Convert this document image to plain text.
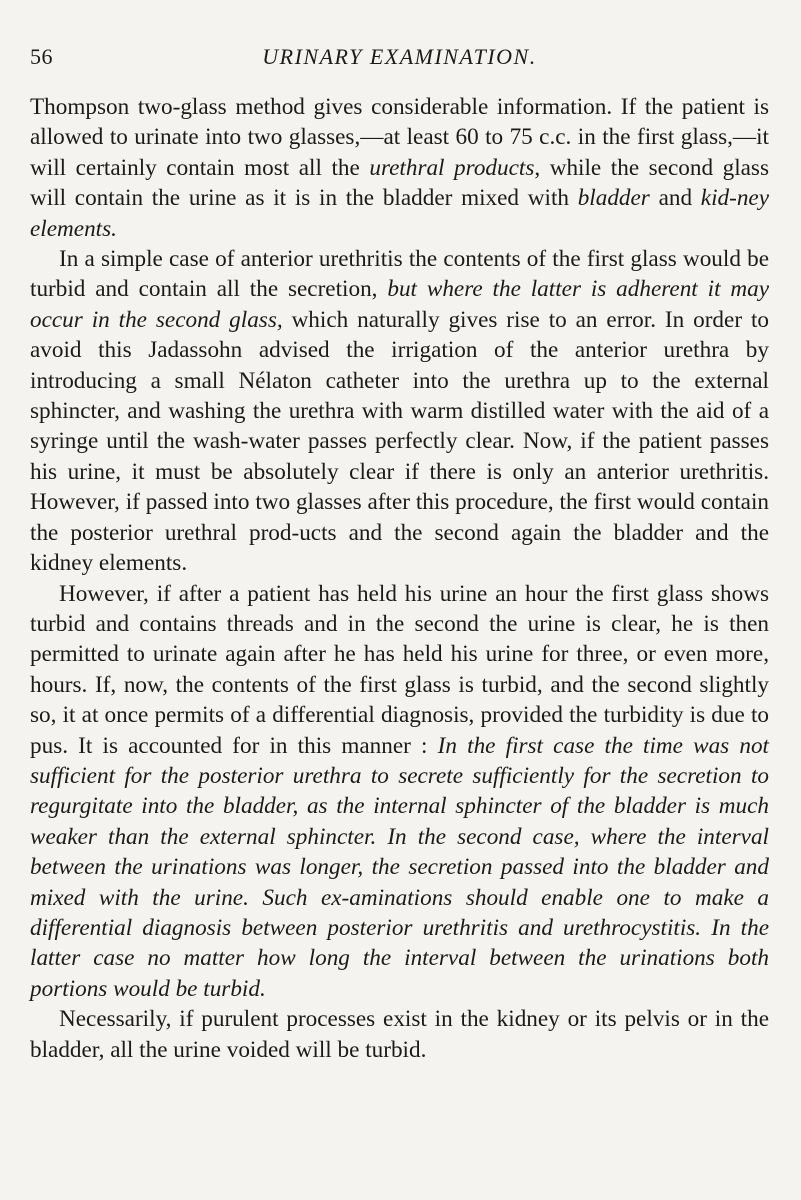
56	URINARY EXAMINATION.

Thompson two-glass method gives considerable information. If the patient is allowed to urinate into two glasses,—at least 60 to 75 c.c. in the first glass,—it will certainly contain most all the urethral products, while the second glass will contain the urine as it is in the bladder mixed with bladder and kid-ney elements.

In a simple case of anterior urethritis the contents of the first glass would be turbid and contain all the secretion, but where the latter is adherent it may occur in the second glass, which naturally gives rise to an error. In order to avoid this Jadassohn advised the irrigation of the anterior urethra by introducing a small Nélaton catheter into the urethra up to the external sphincter, and washing the urethra with warm distilled water with the aid of a syringe until the wash-water passes perfectly clear. Now, if the patient passes his urine, it must be absolutely clear if there is only an anterior urethritis. However, if passed into two glasses after this procedure, the first would contain the posterior urethral prod-ucts and the second again the bladder and the kidney elements.

However, if after a patient has held his urine an hour the first glass shows turbid and contains threads and in the second the urine is clear, he is then permitted to urinate again after he has held his urine for three, or even more, hours. If, now, the contents of the first glass is turbid, and the second slightly so, it at once permits of a differential diagnosis, provided the turbidity is due to pus. It is accounted for in this manner : In the first case the time was not sufficient for the posterior urethra to secrete sufficiently for the secretion to regurgitate into the bladder, as the internal sphincter of the bladder is much weaker than the external sphincter. In the second case, where the interval between the urinations was longer, the secretion passed into the bladder and mixed with the urine. Such ex-aminations should enable one to make a differential diagnosis between posterior urethritis and urethrocystitis. In the latter case no matter how long the interval between the urinations both portions would be turbid.

Necessarily, if purulent processes exist in the kidney or its pelvis or in the bladder, all the urine voided will be turbid.
